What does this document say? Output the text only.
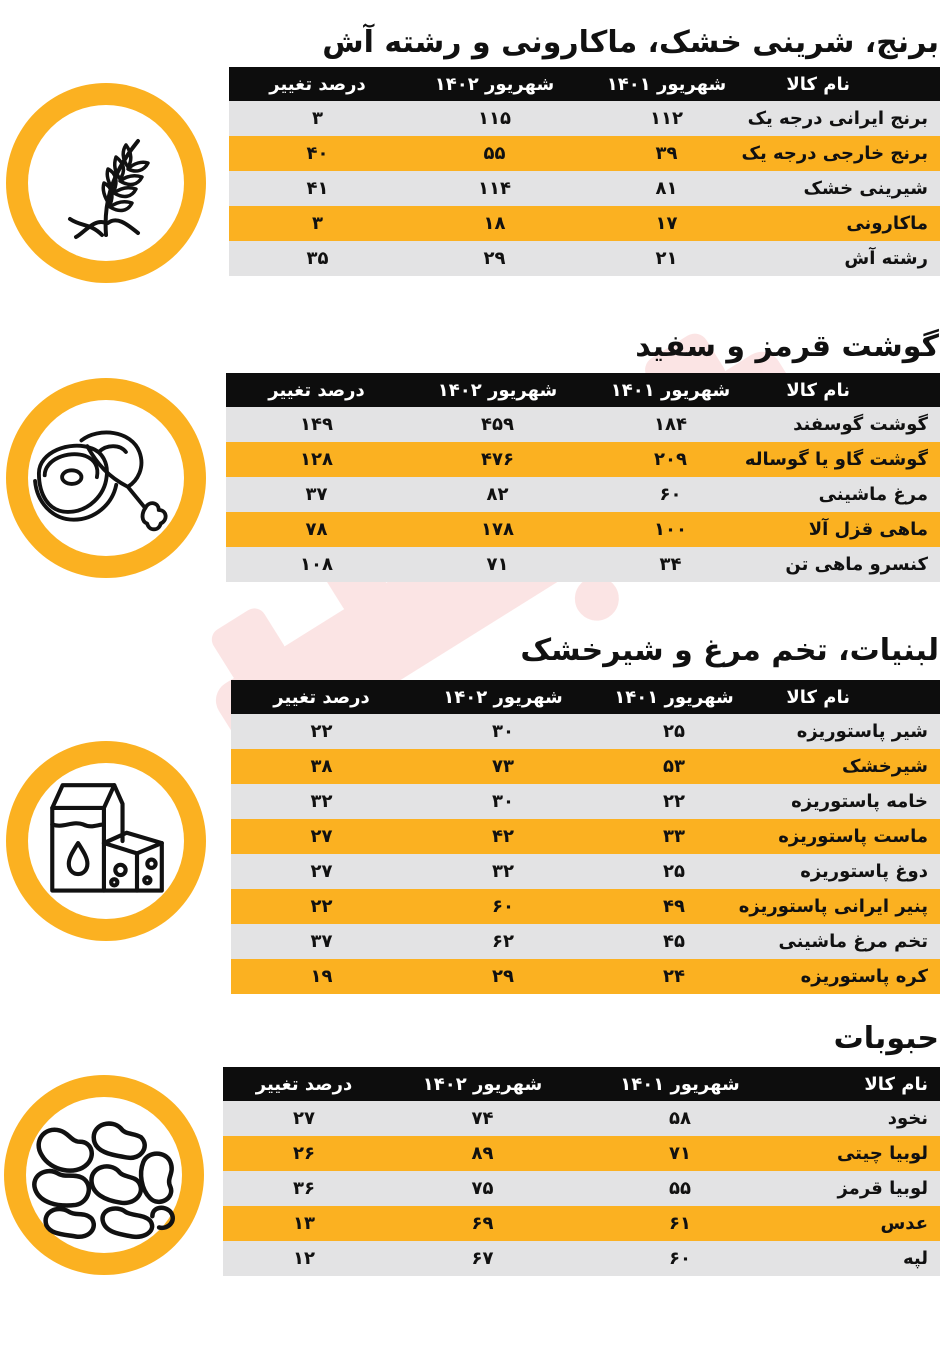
برنج، شرینی خشک، ماکارونی و رشته آش
نام کالا	شهریور ۱۴۰۱	شهریور ۱۴۰۲	درصد تغییر
برنج ایرانی درجه یک	۱۱۲	۱۱۵	۳
برنج خارجی درجه یک	۳۹	۵۵	۴۰
شیرینی خشک	۸۱	۱۱۴	۴۱
ماکارونی	۱۷	۱۸	۳
رشته آش	۲۱	۲۹	۳۵
گوشت قرمز و سفید
نام کالا	شهریور ۱۴۰۱	شهریور ۱۴۰۲	درصد تغییر
گوشت گوسفند	۱۸۴	۴۵۹	۱۴۹
گوشت گاو یا گوساله	۲۰۹	۴۷۶	۱۲۸
مرغ ماشینی	۶۰	۸۲	۳۷
ماهی قزل آلا	۱۰۰	۱۷۸	۷۸
کنسرو ماهی تن	۳۴	۷۱	۱۰۸
لبنیات، تخم مرغ و شیرخشک
نام کالا	شهریور ۱۴۰۱	شهریور ۱۴۰۲	درصد تغییر
شیر پاستوریزه	۲۵	۳۰	۲۲
شیرخشک	۵۳	۷۳	۳۸
خامه پاستوریزه	۲۲	۳۰	۳۲
ماست پاستوریزه	۳۳	۴۲	۲۷
دوغ پاستوریزه	۲۵	۳۲	۲۷
پنیر ایرانی پاستوریزه	۴۹	۶۰	۲۲
تخم مرغ ماشینی	۴۵	۶۲	۳۷
کره پاستوریزه	۲۴	۲۹	۱۹
حبوبات
نام کالا	شهریور ۱۴۰۱	شهریور ۱۴۰۲	درصد تغییر
نخود	۵۸	۷۴	۲۷
لوبیا چیتی	۷۱	۸۹	۲۶
لوبیا قرمز	۵۵	۷۵	۳۶
عدس	۶۱	۶۹	۱۳
لپه	۶۰	۶۷	۱۲
